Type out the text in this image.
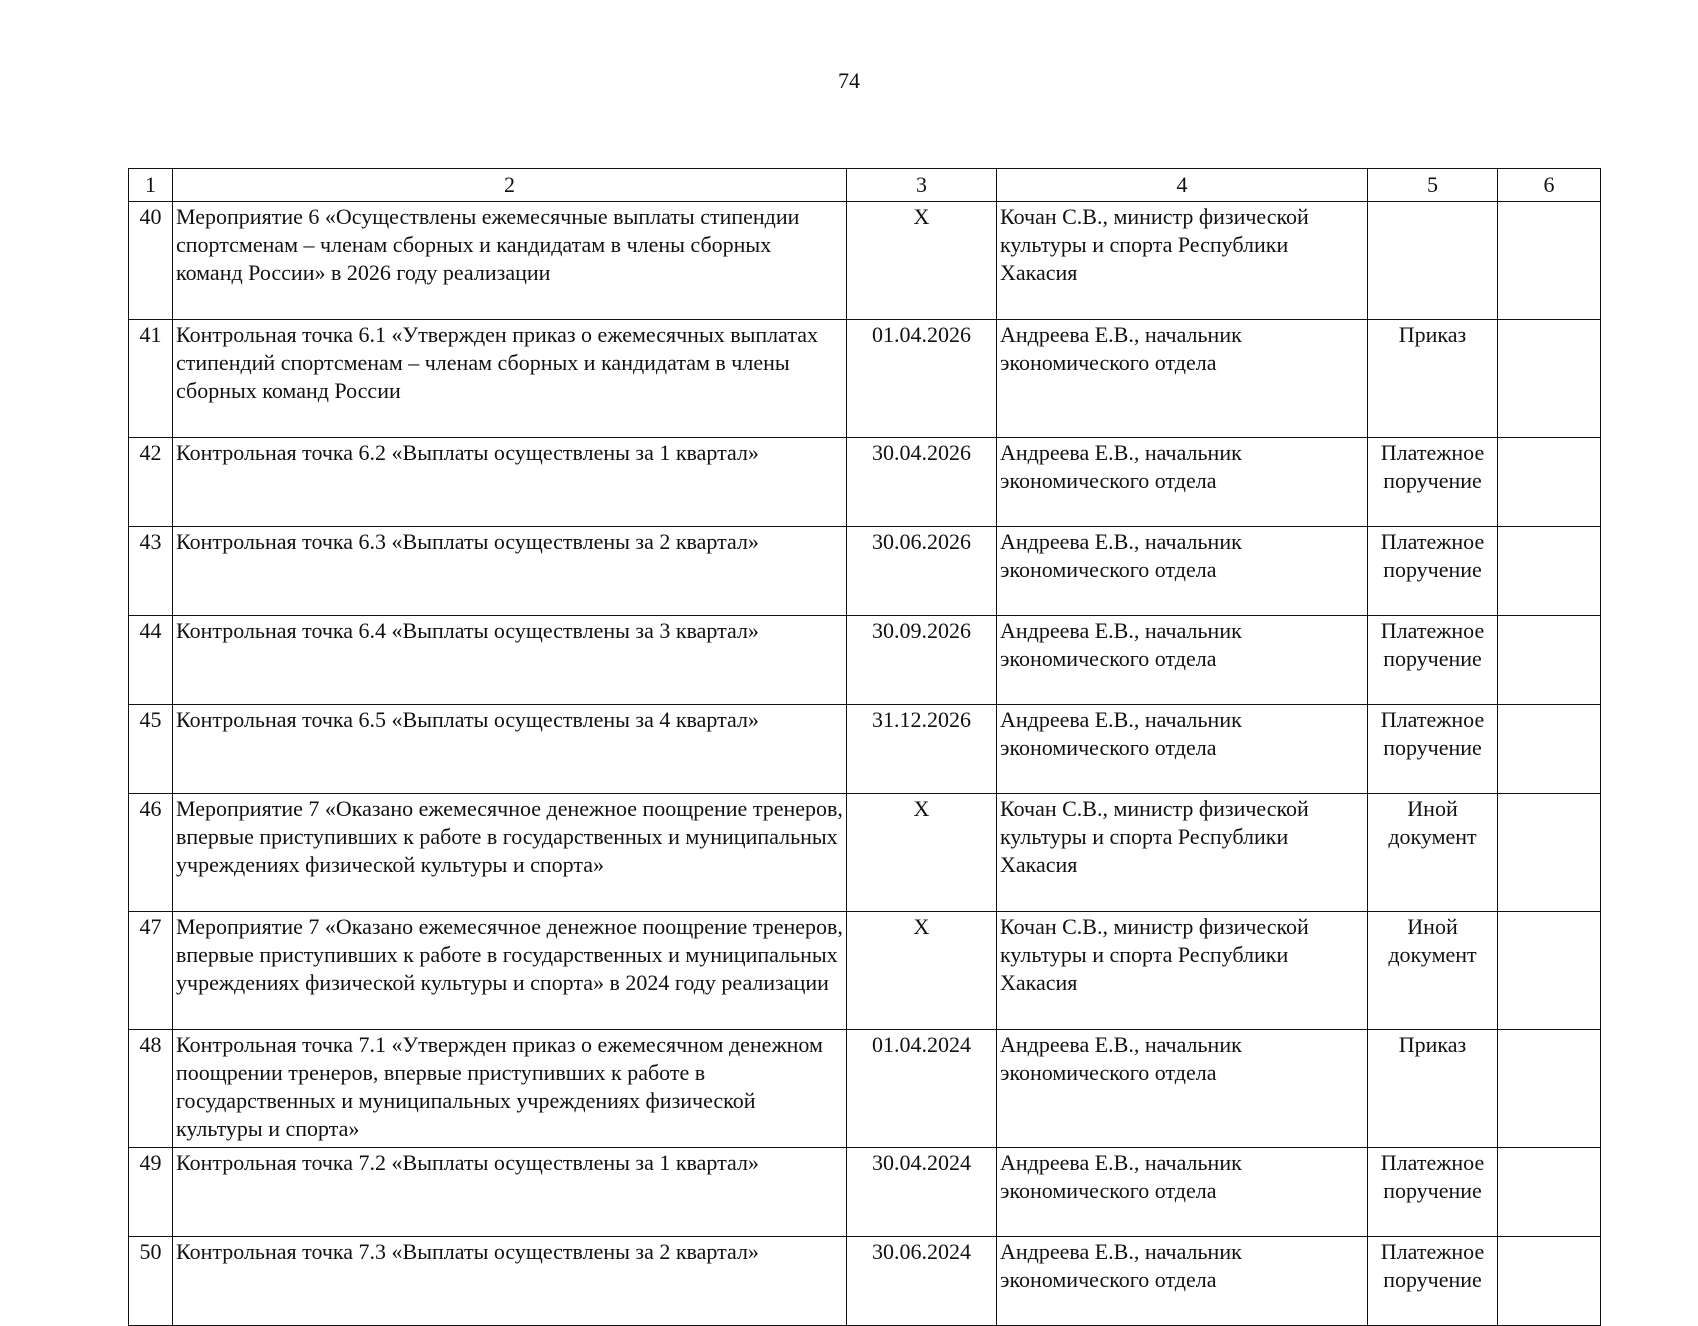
74
1	2	3	4	5	6
40	Мероприятие 6 «Осуществлены ежемесячные выплаты стипендии спортсменам – членам сборных и кандидатам в члены сборных команд России» в 2026 году реализации	X	Кочан С.В., министр физической культуры и спорта Республики Хакасия		
41	Контрольная точка 6.1 «Утвержден приказ о ежемесячных выплатах стипендий спортсменам – членам сборных и кандидатам в члены сборных команд России	01.04.2026	Андреева Е.В., начальник экономического отдела	Приказ	
42	Контрольная точка 6.2 «Выплаты осуществлены за 1 квартал»	30.04.2026	Андреева Е.В., начальник экономического отдела	Платежное поручение	
43	Контрольная точка 6.3 «Выплаты осуществлены за 2 квартал»	30.06.2026	Андреева Е.В., начальник экономического отдела	Платежное поручение	
44	Контрольная точка 6.4 «Выплаты осуществлены за 3 квартал»	30.09.2026	Андреева Е.В., начальник экономического отдела	Платежное поручение	
45	Контрольная точка 6.5 «Выплаты осуществлены за 4 квартал»	31.12.2026	Андреева Е.В., начальник экономического отдела	Платежное поручение	
46	Мероприятие 7 «Оказано ежемесячное денежное поощрение тренеров, впервые приступивших к работе в государственных и муниципальных учреждениях физической культуры и спорта»	X	Кочан С.В., министр физической культуры и спорта Республики Хакасия	Иной документ	
47	Мероприятие 7 «Оказано ежемесячное денежное поощрение тренеров, впервые приступивших к работе в государственных и муниципальных учреждениях физической культуры и спорта» в 2024 году реализации	X	Кочан С.В., министр физической культуры и спорта Республики Хакасия	Иной документ	
48	Контрольная точка 7.1 «Утвержден приказ о ежемесячном денежном поощрении тренеров, впервые приступивших к работе в государственных и муниципальных учреждениях физической культуры и спорта»	01.04.2024	Андреева Е.В., начальник экономического отдела	Приказ	
49	Контрольная точка 7.2 «Выплаты осуществлены за 1 квартал»	30.04.2024	Андреева Е.В., начальник экономического отдела	Платежное поручение	
50	Контрольная точка 7.3 «Выплаты осуществлены за 2 квартал»	30.06.2024	Андреева Е.В., начальник экономического отдела	Платежное поручение	
